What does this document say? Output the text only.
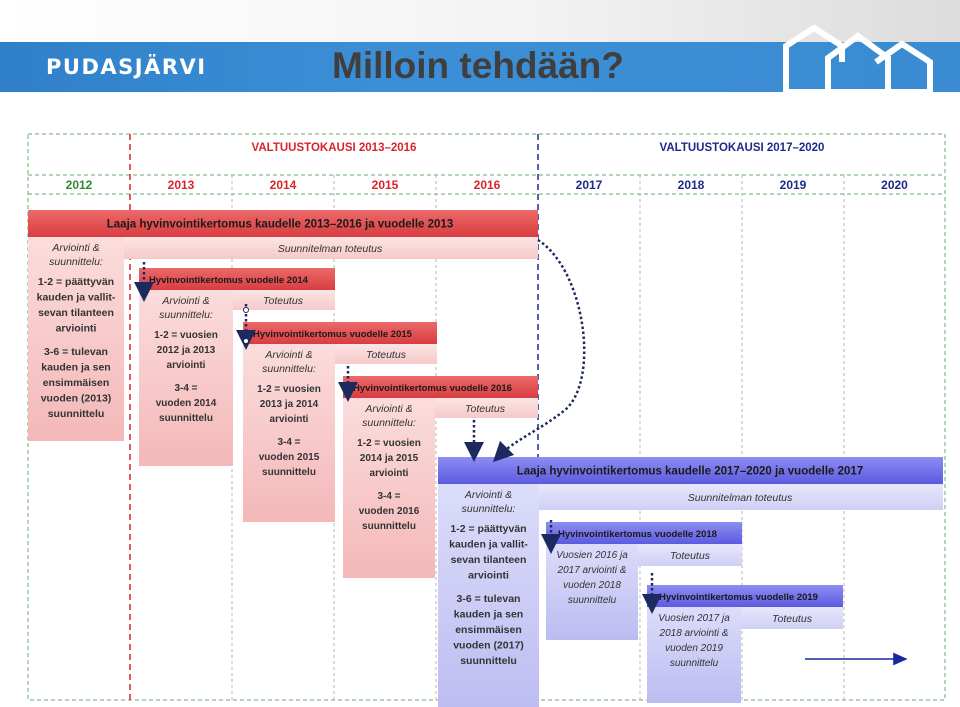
PUDASJÄRVI	Milloin tehdään?
VALTUUSTOKAUSI 2013–2016	VALTUUSTOKAUSI 2017–2020
2012	2013	2014	2015	2016	2017	2018	2019	2020
Laaja hyvinvointikertomus kaudelle 2013–2016 ja vuodelle 2013
Suunnitelman toteutus
Arviointi &
suunnittelu:
1-2 = päättyvän
kauden ja vallit-
sevan tilanteen
arviointi
3-6 = tulevan
kauden ja sen
ensimmäisen
vuoden (2013)
suunnittelu
Hyvinvointikertomus vuodelle 2014
Toteutus
Arviointi &
suunnittelu:
1-2 = vuosien
2012 ja 2013
arviointi
3-4 =
vuoden 2014
suunnittelu
Hyvinvointikertomus vuodelle 2015
Toteutus
Arviointi &
suunnittelu:
1-2 = vuosien
2013 ja 2014
arviointi
3-4 =
vuoden 2015
suunnittelu
Hyvinvointikertomus vuodelle 2016
Toteutus
Arviointi &
suunnittelu:
1-2 = vuosien
2014 ja 2015
arviointi
3-4 =
vuoden 2016
suunnittelu
Laaja hyvinvointikertomus kaudelle 2017–2020 ja vuodelle 2017
Suunnitelman toteutus
Arviointi &
suunnittelu:
1-2 = päättyvän
kauden ja vallit-
sevan tilanteen
arviointi
3-6 = tulevan
kauden ja sen
ensimmäisen
vuoden (2017)
suunnittelu
Hyvinvointikertomus vuodelle 2018
Toteutus
Vuosien 2016 ja
2017 arviointi &
vuoden 2018
suunnittelu	Hyvinvointikertomus vuodelle 2019
Toteutus
Vuosien 2017 ja
2018 arviointi &
vuoden 2019
suunnittelu
